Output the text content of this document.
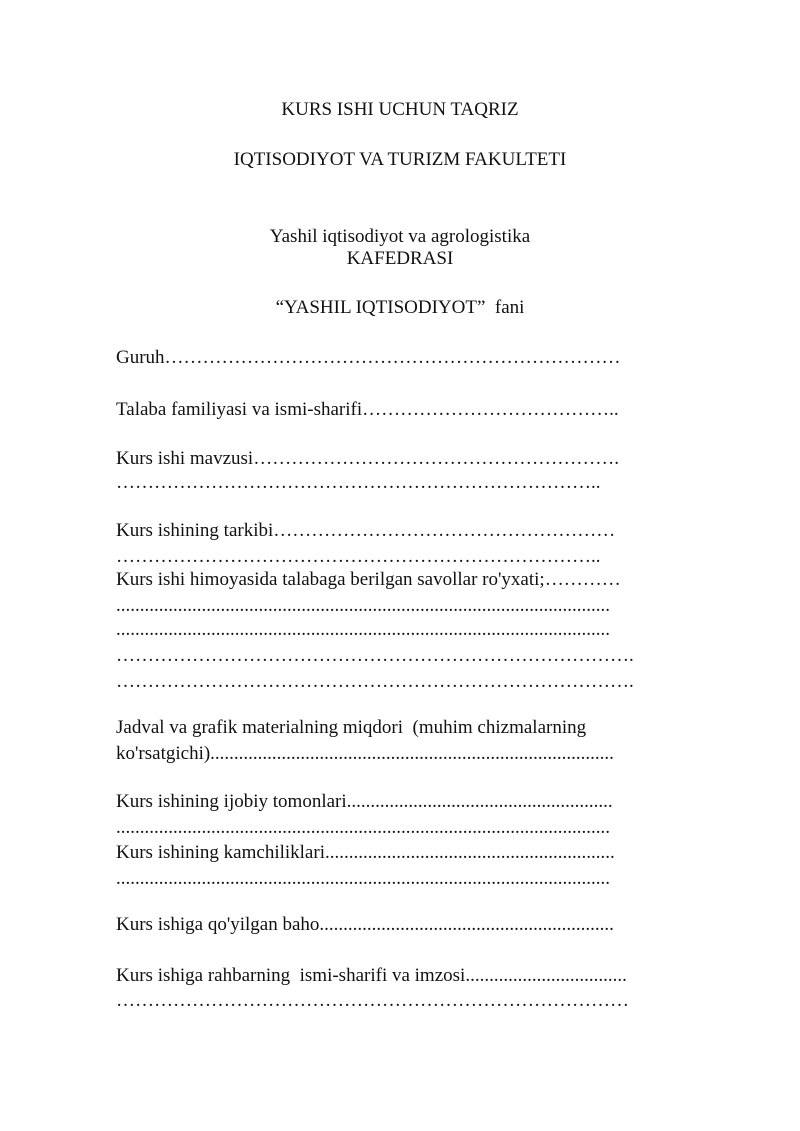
KURS ISHI UCHUN TAQRIZ
IQTISODIYOT VA TURIZM FAKULTETI
Yashil iqtisodiyot va agrologistika
KAFEDRASI
“YASHIL IQTISODIYOT”  fani
Guruh………………………………………………………………
Talaba familiyasi va ismi-sharifi…………………………………..
Kurs ishi mavzusi………………………………………………….
…………………………………………………………………..
Kurs ishining tarkibi………………………………………………
…………………………………………………………………..
Kurs ishi himoyasida talabaga berilgan savollar ro'yxati;…………
........................................................................................................
........................................................................................................
……………………………………………………………………….
……………………………………………………………………….
Jadval va grafik materialning miqdori  (muhim chizmalarning
ko'rsatgichi).....................................................................................
Kurs ishining ijobiy tomonlari........................................................
........................................................................................................
Kurs ishining kamchiliklari.............................................................
........................................................................................................
Kurs ishiga qo'yilgan baho..............................................................
Kurs ishiga rahbarning  ismi-sharifi va imzosi..................................
………………………………………………………………………
